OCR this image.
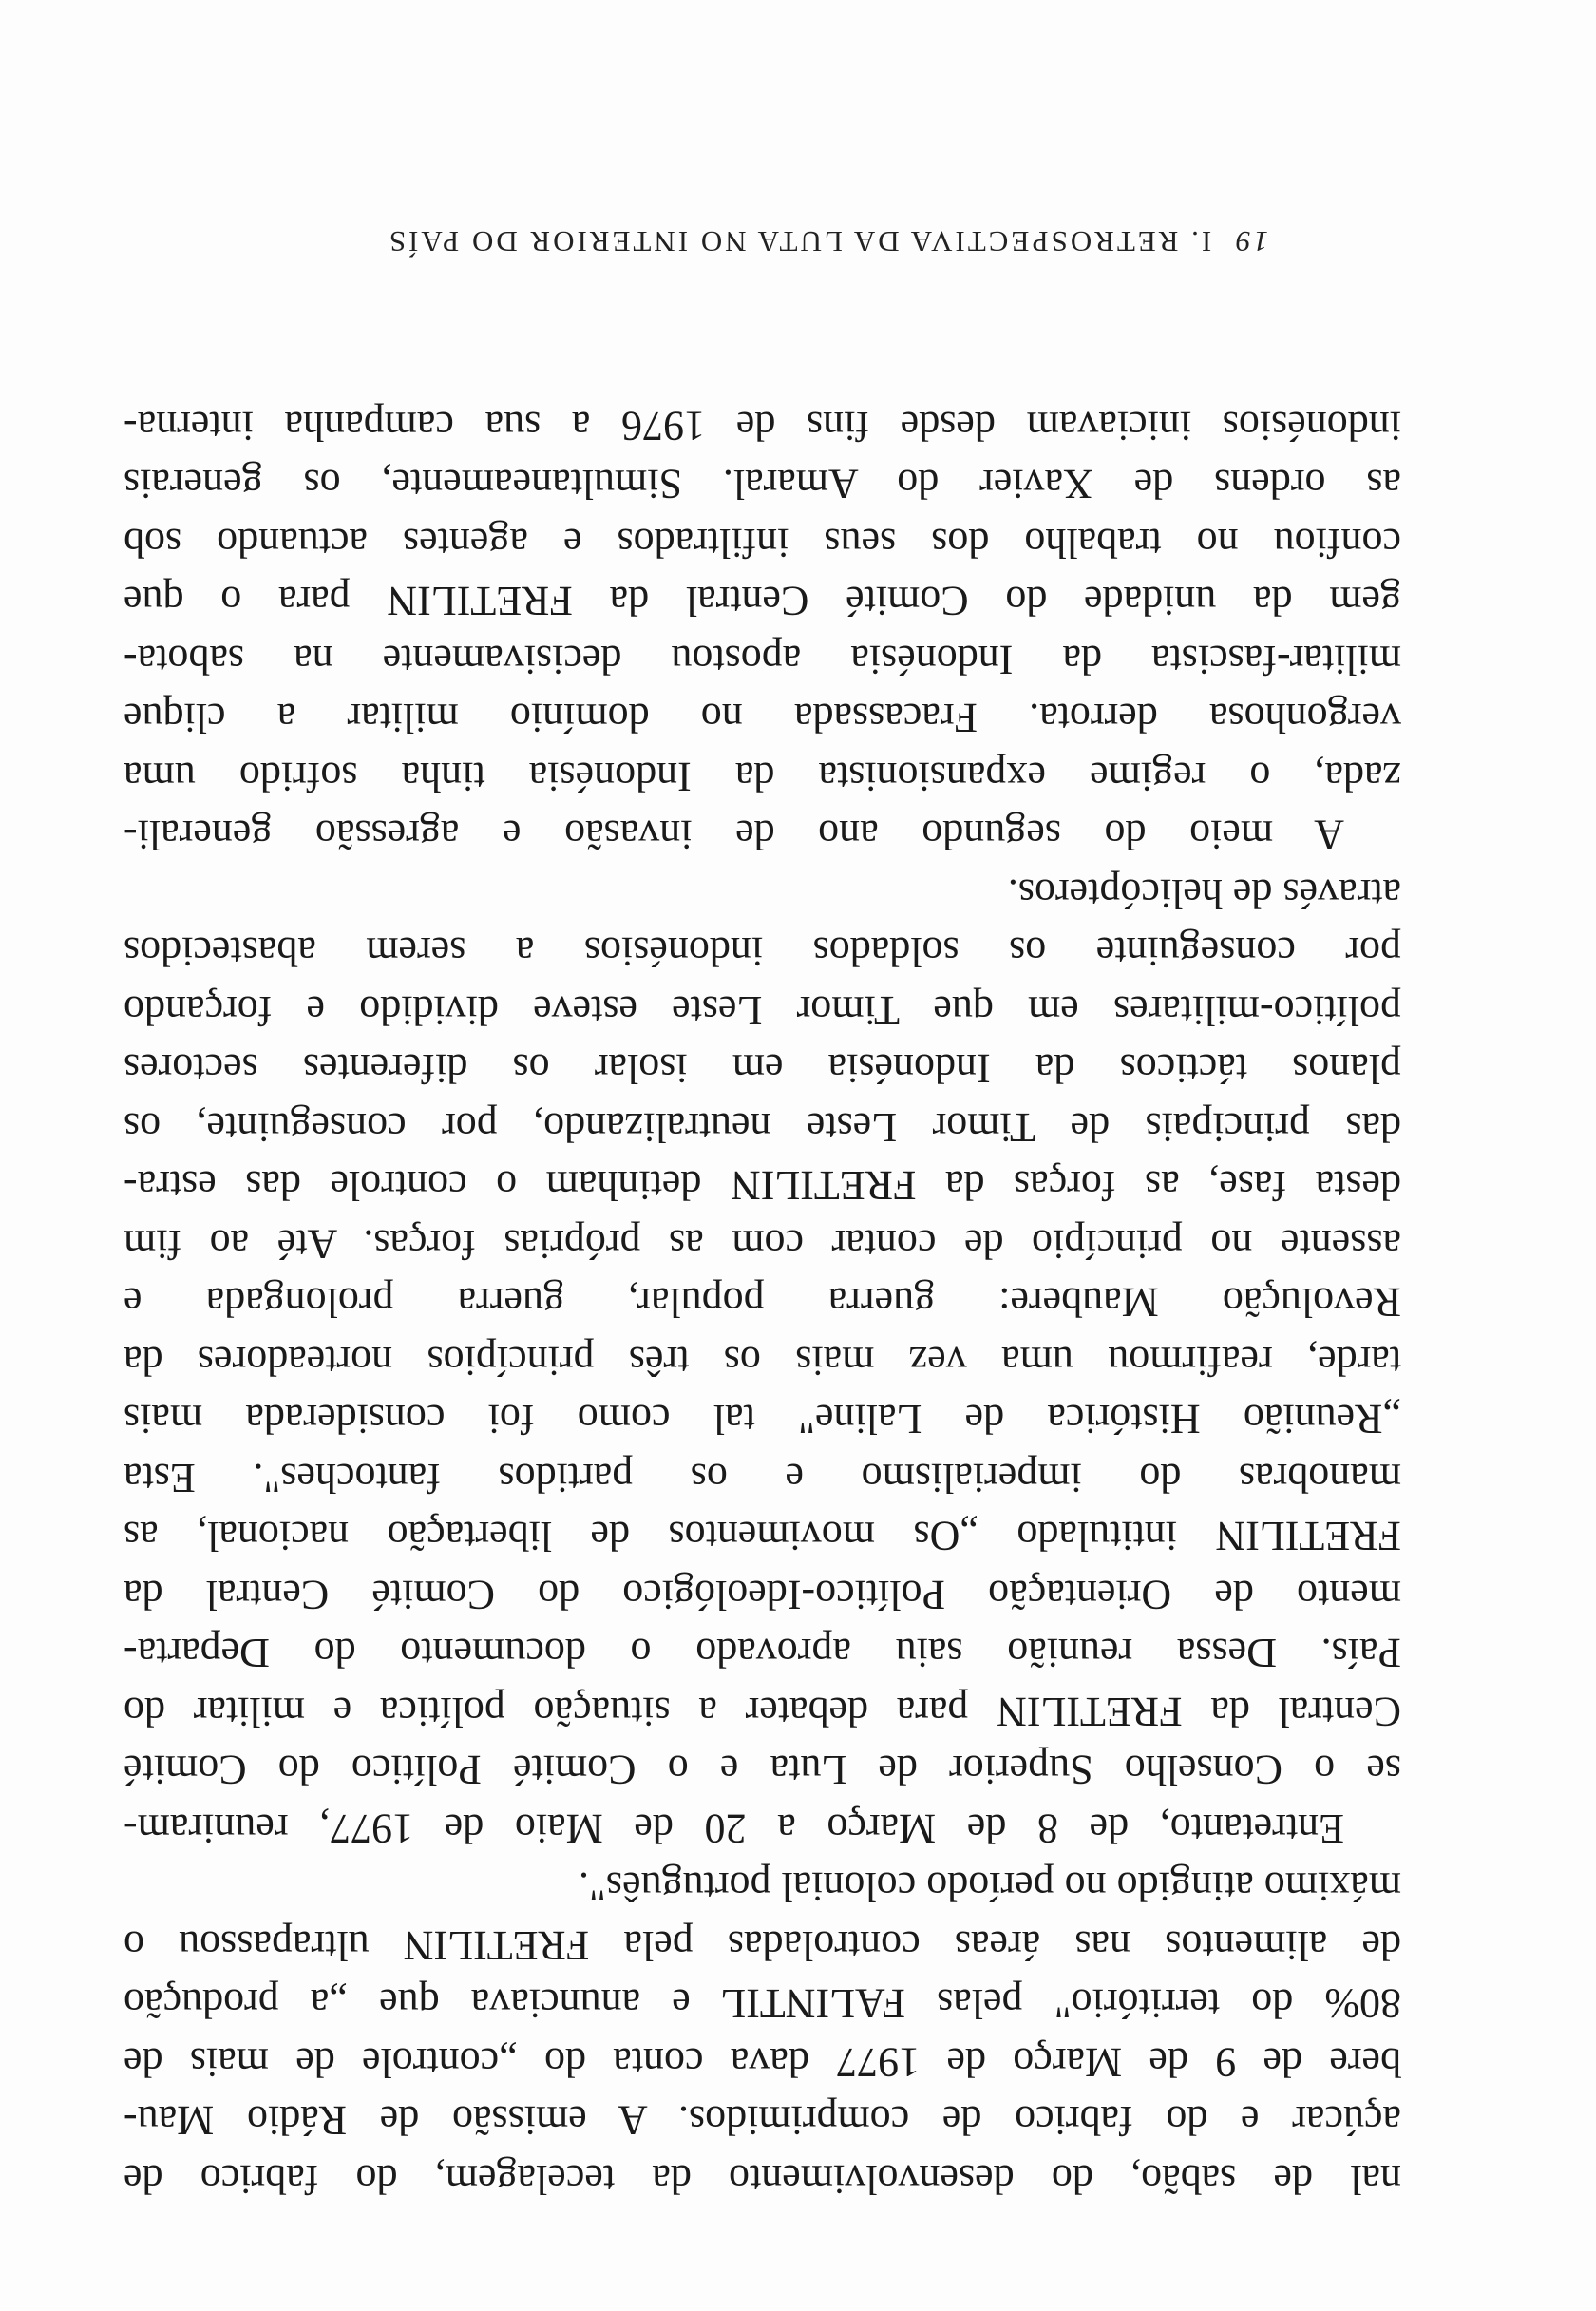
nal de sabão, do desenvolvimento da tecelagem, do fabrico de
açúcar e do fabrico de comprimidos. A emissão de Rádio Mau-
bere de 9 de Março de 1977 dava conta do „controle de mais de
80% do território" pelas FALINTIL e anunciava que „a produção
de alimentos nas áreas controladas pela FRETILIN ultrapassou o
máximo atingido no período colonial português".
Entretanto, de 8 de Março a 20 de Maio de 1977, reuniram-
se o Conselho Superior de Luta e o Comité Político do Comité
Central da FRETILIN para debater a situação política e militar do
País. Dessa reunião saiu aprovado o documento do Departa-
mento de Orientação Político-Ideológico do Comité Central da
FRETILIN intitulado „Os movimentos de libertação nacional, as
manobras do imperialismo e os partidos fantoches". Esta
„Reunião Histórica de Laline" tal como foi considerada mais
tarde, reafirmou uma vez mais os três princípios norteadores da
Revolução Maubere: guerra popular, guerra prolongada e
assente no princípio de contar com as próprias forças. Até ao fim
desta fase, as forças da FRETILIN detinham o controle das estra-
das principais de Timor Leste neutralizando, por conseguinte, os
planos tácticos da Indonésia em isolar os diferentes sectores
político-militares em que Timor Leste esteve dividido e forçando
por conseguinte os soldados indonésios a serem abastecidos
através de helicópteros.
A meio do segundo ano de invasão e agressão generali-
zada, o regime expansionista da Indonésia tinha sofrido uma
vergonhosa derrota. Fracassada no domínio militar a clique
militar-fascista da Indonésia apostou decisivamente na sabota-
gem da unidade do Comité Central da FRETILIN para o que
confiou no trabalho dos seus infiltrados e agentes actuando sob
as ordens de Xavier do Amaral. Simultaneamente, os generais
indonésios iniciavam desde fins de 1976 a sua campanha interna-
19 I. RETROSPECTIVA DA LUTA NO INTERIOR DO PAÍS
